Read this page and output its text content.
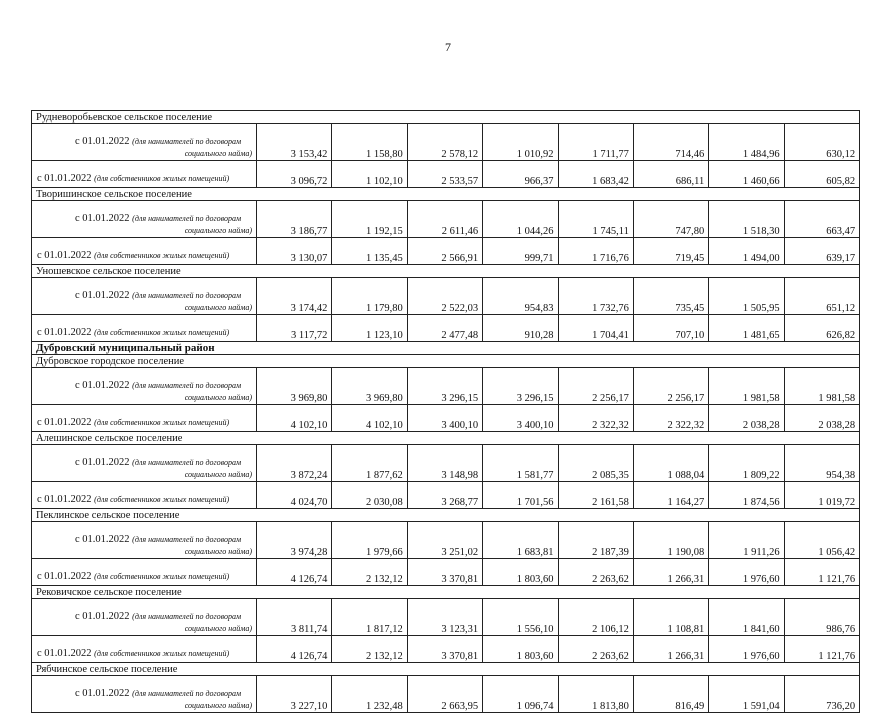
7
Рудневоробьевское сельское поселение								

с 01.01.2022 (для нанимателей по договорам
социального найма)	3 153,42	1 158,80	2 578,12	1 010,92	1 711,77	714,46	1 484,96	630,12

с 01.01.2022 (для собственников жилых помещений)	3 096,72	1 102,10	2 533,57	966,37	1 683,42	686,11	1 460,66	605,82
Творишинское сельское поселение								

с 01.01.2022 (для нанимателей по договорам
социального найма)	3 186,77	1 192,15	2 611,46	1 044,26	1 745,11	747,80	1 518,30	663,47

с 01.01.2022 (для собственников жилых помещений)	3 130,07	1 135,45	2 566,91	999,71	1 716,76	719,45	1 494,00	639,17
Уношевское сельское поселение								

с 01.01.2022 (для нанимателей по договорам
социального найма)	3 174,42	1 179,80	2 522,03	954,83	1 732,76	735,45	1 505,95	651,12

с 01.01.2022 (для собственников жилых помещений)	3 117,72	1 123,10	2 477,48	910,28	1 704,41	707,10	1 481,65	626,82
Дубровский муниципальный район								
Дубровское городское поселение								

с 01.01.2022 (для нанимателей по договорам
социального найма)	3 969,80	3 969,80	3 296,15	3 296,15	2 256,17	2 256,17	1 981,58	1 981,58

с 01.01.2022 (для собственников жилых помещений)	4 102,10	4 102,10	3 400,10	3 400,10	2 322,32	2 322,32	2 038,28	2 038,28
Алешинское сельское поселение								

с 01.01.2022 (для нанимателей по договорам
социального найма)	3 872,24	1 877,62	3 148,98	1 581,77	2 085,35	1 088,04	1 809,22	954,38

с 01.01.2022 (для собственников жилых помещений)	4 024,70	2 030,08	3 268,77	1 701,56	2 161,58	1 164,27	1 874,56	1 019,72
Пеклинское сельское поселение								

с 01.01.2022 (для нанимателей по договорам
социального найма)	3 974,28	1 979,66	3 251,02	1 683,81	2 187,39	1 190,08	1 911,26	1 056,42

с 01.01.2022 (для собственников жилых помещений)	4 126,74	2 132,12	3 370,81	1 803,60	2 263,62	1 266,31	1 976,60	1 121,76
Рековичское сельское поселение								

с 01.01.2022 (для нанимателей по договорам
социального найма)	3 811,74	1 817,12	3 123,31	1 556,10	2 106,12	1 108,81	1 841,60	986,76

с 01.01.2022 (для собственников жилых помещений)	4 126,74	2 132,12	3 370,81	1 803,60	2 263,62	1 266,31	1 976,60	1 121,76
Рябчинское сельское поселение								

с 01.01.2022 (для нанимателей по договорам
социального найма)	3 227,10	1 232,48	2 663,95	1 096,74	1 813,80	816,49	1 591,04	736,20
